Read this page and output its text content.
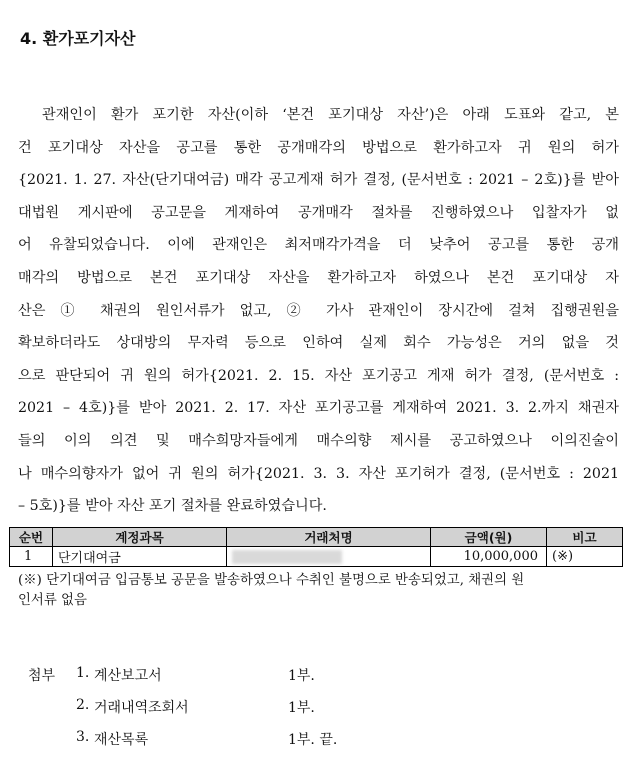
4. 환가포기자산
관재인이 환가 포기한 자산(이하 ‘본건 포기대상 자산’)은 아래 도표와 같고, 본
건 포기대상 자산을 공고를 통한 공개매각의 방법으로 환가하고자 귀 원의 허가
{2021. 1. 27. 자산(단기대여금) 매각 공고게재 허가 결정, (문서번호 : 2021 – 2호)}를 받아
대법원 게시판에 공고문을 게재하여 공개매각 절차를 진행하였으나 입찰자가 없
어 유찰되었습니다. 이에 관재인은 최저매각가격을 더 낮추어 공고를 통한 공개
매각의 방법으로 본건 포기대상 자산을 환가하고자 하였으나 본건 포기대상 자
산은 ① 채권의 원인서류가 없고, ② 가사 관재인이 장시간에 걸쳐 집행권원을
확보하더라도 상대방의 무자력 등으로 인하여 실제 회수 가능성은 거의 없을 것
으로 판단되어 귀 원의 허가{2021. 2. 15. 자산 포기공고 게재 허가 결정, (문서번호 :
2021 – 4호)}를 받아 2021. 2. 17. 자산 포기공고를 게재하여 2021. 3. 2.까지 채권자
들의 이의 의견 및 매수희망자들에게 매수의향 제시를 공고하였으나 이의진술이
나 매수의향자가 없어 귀 원의 허가{2021. 3. 3. 자산 포기허가 결정, (문서번호 : 2021
– 5호)}를 받아 자산 포기 절차를 완료하였습니다.
순번	계정과목	거래처명	금액(원)	비고
1	단기대여금		10,000,000	(※)
(※) 단기대여금 입금통보 공문을 발송하였으나 수취인 불명으로 반송되었고, 채권의 원
인서류 없음
첨부 1. 계산보고서	1부.
2. 거래내역조회서	1부.
3. 재산목록	1부. 끝.
